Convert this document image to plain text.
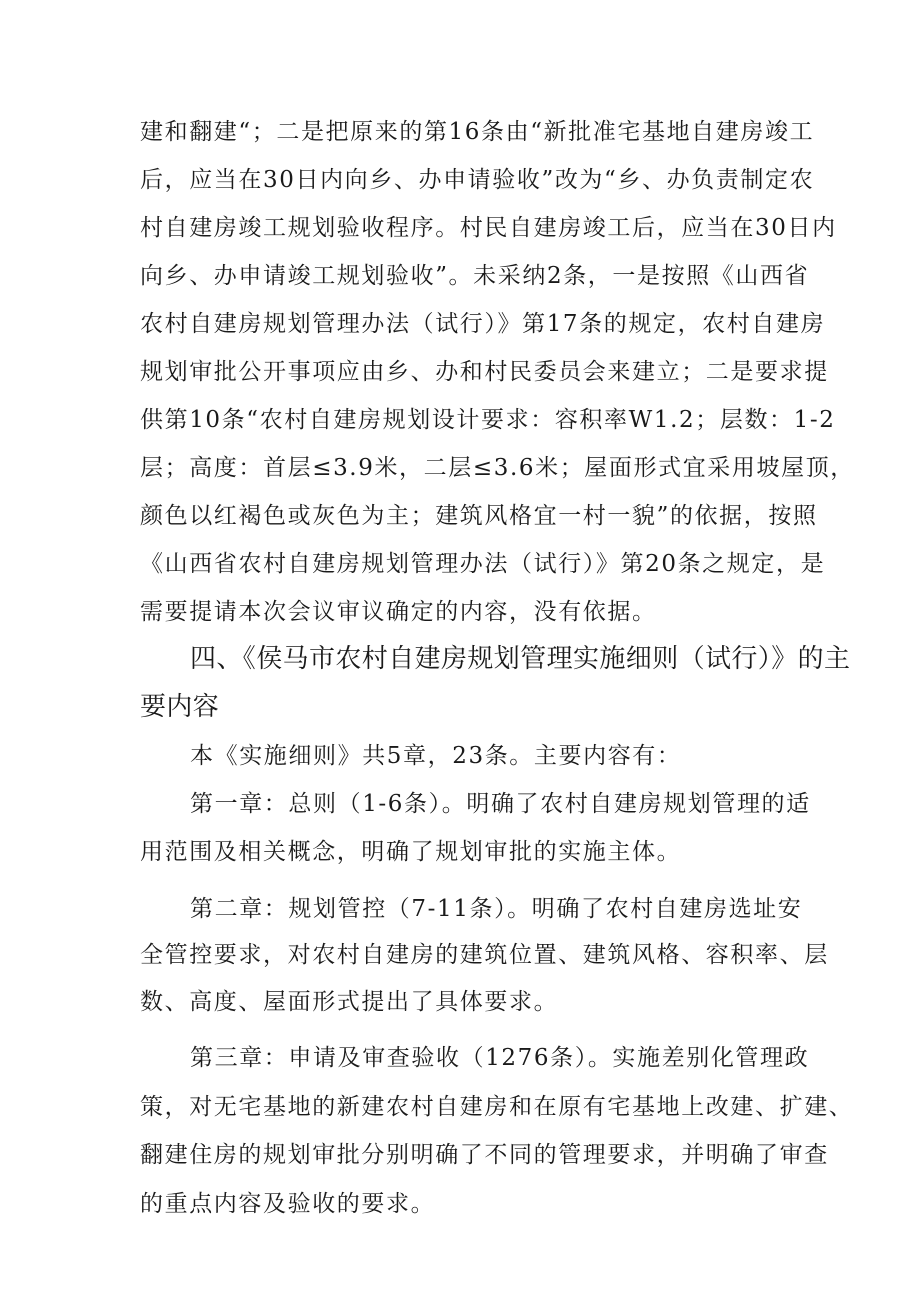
建和翻建“；二是把原来的第16条由“新批准宅基地自建房竣工
后，应当在30日内向乡、办申请验收”改为“乡、办负责制定农
村自建房竣工规划验收程序。村民自建房竣工后，应当在30日内
向乡、办申请竣工规划验收”。未采纳2条，一是按照《山西省
农村自建房规划管理办法（试行）》第17条的规定，农村自建房
规划审批公开事项应由乡、办和村民委员会来建立；二是要求提
供第10条“农村自建房规划设计要求：容积率W1.2；层数：1-2
层；高度：首层≤3.9米，二层≤3.6米；屋面形式宜采用坡屋顶，
颜色以红褐色或灰色为主；建筑风格宜一村一貌”的依据，按照
《山西省农村自建房规划管理办法（试行）》第20条之规定，是
需要提请本次会议审议确定的内容，没有依据。
四、《侯马市农村自建房规划管理实施细则（试行）》的主
要内容
本《实施细则》共5章，23条。主要内容有：
第一章：总则（1-6条）。明确了农村自建房规划管理的适
用范围及相关概念，明确了规划审批的实施主体。
第二章：规划管控（7-11条）。明确了农村自建房选址安
全管控要求，对农村自建房的建筑位置、建筑风格、容积率、层
数、高度、屋面形式提出了具体要求。
第三章：申请及审查验收（1276条）。实施差别化管理政
策，对无宅基地的新建农村自建房和在原有宅基地上改建、扩建、
翻建住房的规划审批分别明确了不同的管理要求，并明确了审查
的重点内容及验收的要求。
